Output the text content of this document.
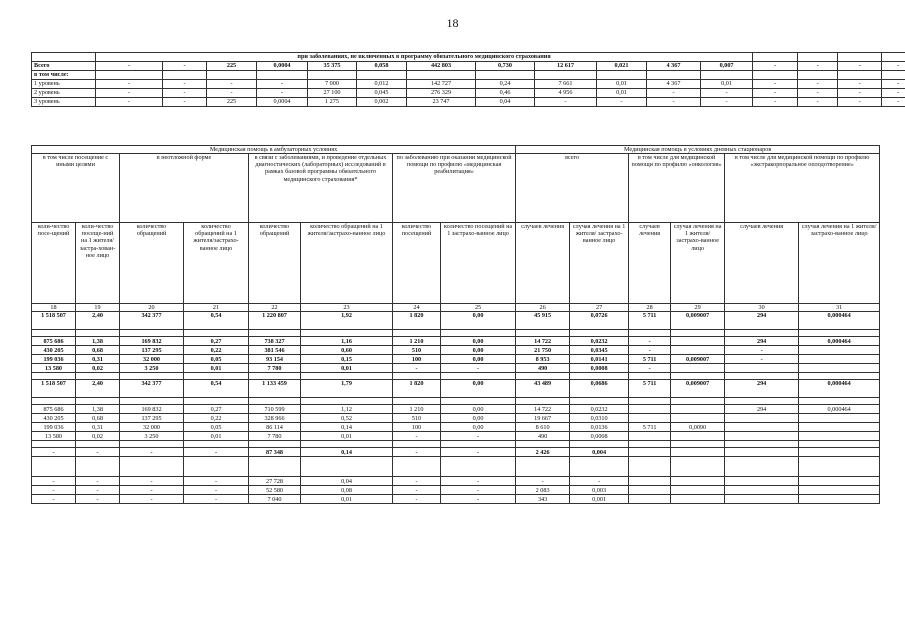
18
	при заболеваниях, не включенных в программу обязательного медицинского страхования															
Всего	-	-	225	0,0004	35 375	0,058	442 803	0,730	12 617	0,021	4 367	0,007	-	-	-	-
в том числе:																
1 уровень	-	-	-	-	7 000	0,012	142 727	0,24	7 661	0,01	4 367	0,01	-	-	-	-
2 уровень	-	-	-	-	27 100	0,045	276 329	0,46	4 956	0,01	-	-	-	-	-	-
3 уровень	-	-	225	0,0004	1 275	0,002	23 747	0,04	-	-	-	-	-	-	-	-
Медицинская помощь в амбулаторных условиях								Медицинская помощь в условиях дневных стационаров					
в том числе посещение с иными целями		в неотложной форме		в связи с заболеваниями, и проведение отдельных диагностических (лабораторных) исследований в рамках базовой программы обязательного медицинского страхования*		по заболеванию при оказании медицинской помощи по профилю «медицинская реабилитация»		всего		в том числе для медицинской помощи по профилю «онкология»		в том числе для медицинской помощи по профилю «экстракорпоральное оплодотворение»	
коли-чество посе-щений	коли-чество посеще-ний на 1 жителя/ застра-хован-ное лицо	количество обращений	количество обращений на 1 жителя/застрахо-ванное лицо	количество обращений	количество обращений на 1 жителя/застрахо-ванное лицо	количество посещений	количество посещений на 1 застрахо-ванное лицо	случаев лечения	случая лечения на 1 жителя/ застрахо-ванное лицо	случаев лечения	случая лечения на 1 жителя/ застрахо-ванное лицо	случаев лечения	случая лечения на 1 жителя/застрахо-ванное лицо
18	19	20	21	22	23	24	25	26	27	28	29	30	31
1 518 507	2,40	342 377	0,54	1 220 807	1,92	1 820	0,00	45 915	0,0726	5 711	0,009007	294	0,000464

875 686	1,38	169 832	0,27	738 327	1,16	1 210	0,00	14 722	0,0232	-		294	0,000464
430 205	0,68	137 295	0,22	381 546	0,60	510	0,00	21 750	0,0345	-		-	
199 036	0,31	32 000	0,05	93 154	0,15	100	0,00	8 953	0,0141	5 711	0,009007	-	
13 580	0,02	3 250	0,01	7 780	0,01	-	-	490	0,0008	-			

1 518 507	2,40	342 377	0,54	1 133 459	1,79	1 820	0,00	43 489	0,0686	5 711	0,009007	294	0,000464

875 686	1,38	169 832	0,27	710 599	1,12	1 210	0,00	14 722	0,0232			294	0,000464
430 205	0,68	137 295	0,22	328 966	0,52	510	0,00	19 667	0,0310				
199 036	0,31	32 000	0,05	86 114	0,14	100	0,00	8 610	0,0136	5 711	0,0090		
13 580	0,02	3 250	0,01	7 780	0,01	-	-	490	0,0008				

-	-	-	-	87 348	0,14	-	-	2 426	0,004				

-	-	-	-	27 728	0,04	-	-	-	-				
-	-	-	-	52 580	0,08	-	-	2 083	0,003				
-	-	-	-	7 040	0,01	-	-	343	0,001				
